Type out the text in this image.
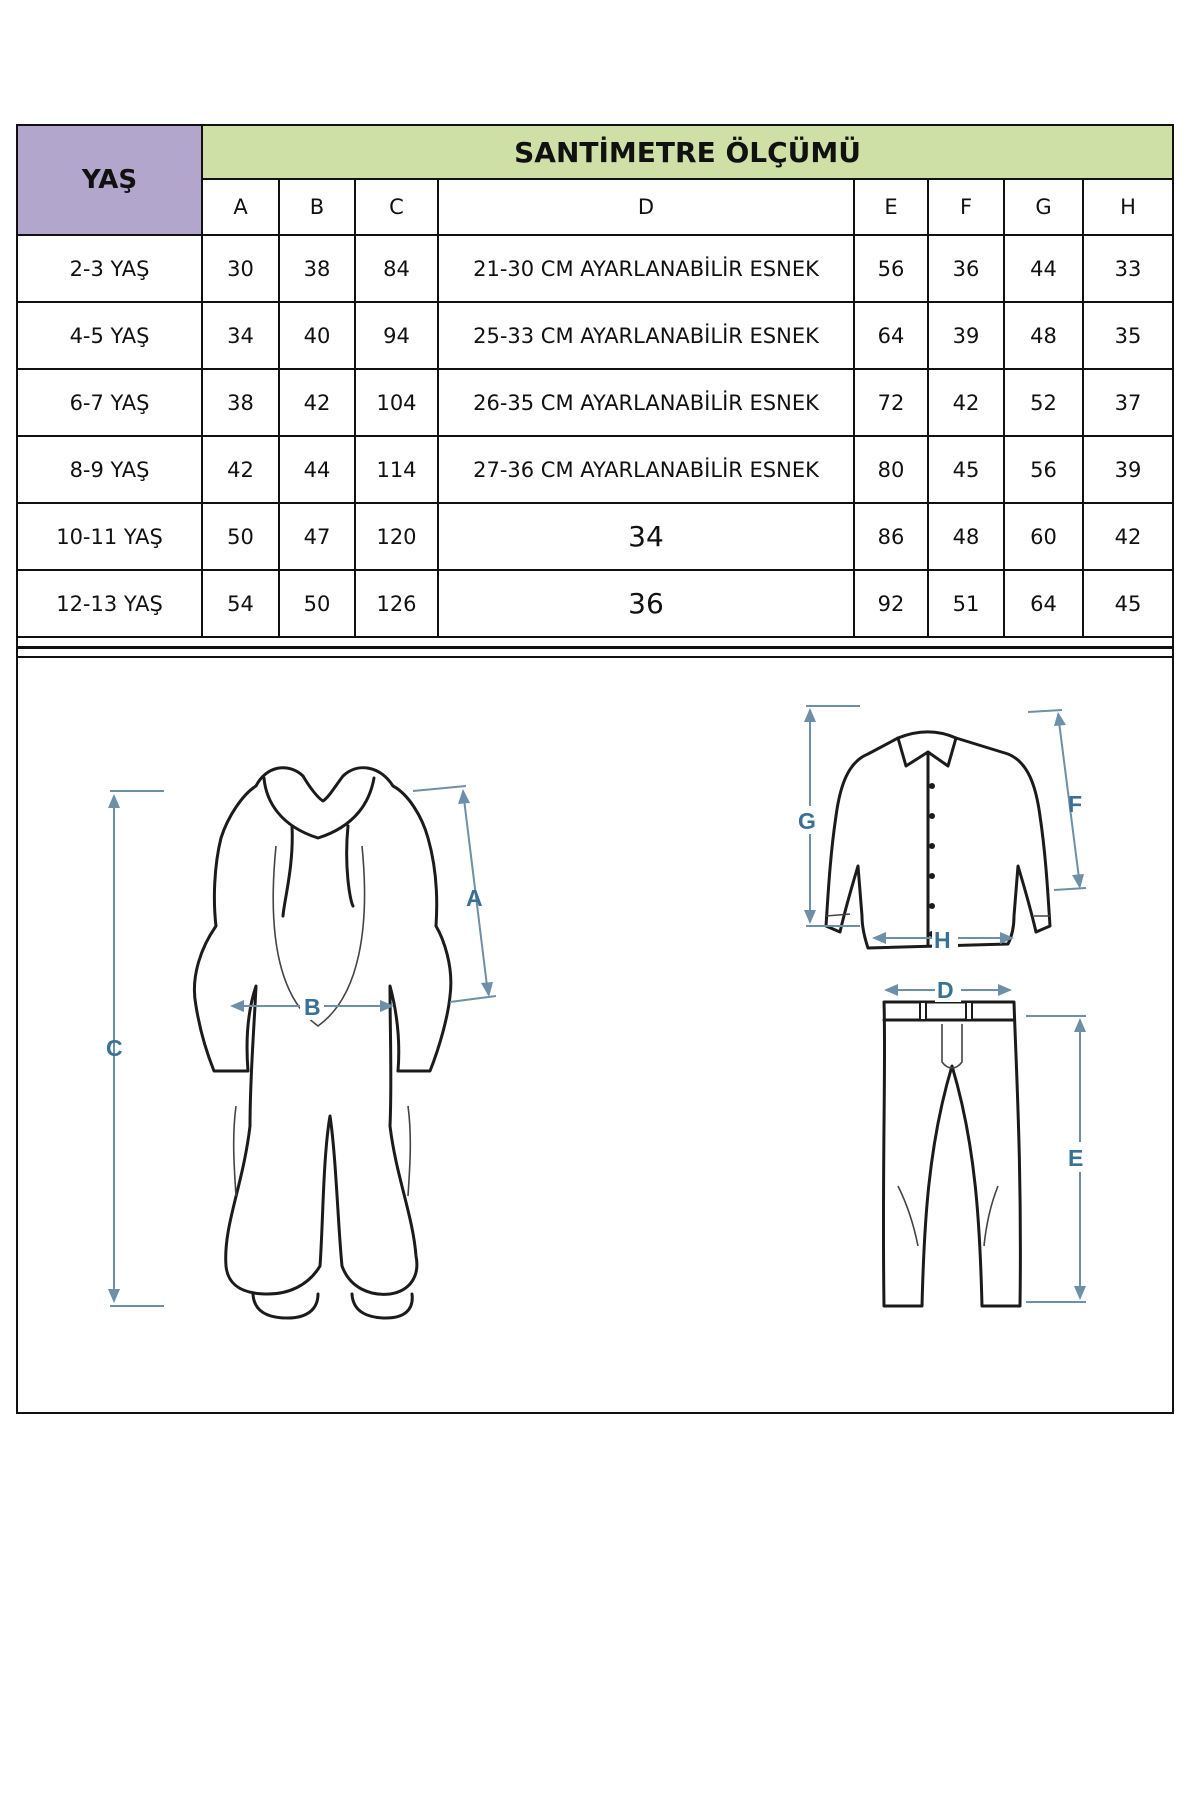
YAŞ	SANTİMETRE ÖLÇÜMÜ							
	A	B	C	D	E	F	G	H
2-3 YAŞ	30	38	84	21-30 CM AYARLANABİLİR ESNEK	56	36	44	33
4-5 YAŞ	34	40	94	25-33 CM AYARLANABİLİR ESNEK	64	39	48	35
6-7 YAŞ	38	42	104	26-35 CM AYARLANABİLİR ESNEK	72	42	52	37
8-9 YAŞ	42	44	114	27-36 CM AYARLANABİLİR ESNEK	80	45	56	39
10-11 YAŞ	50	47	120	34	86	48	60	42
12-13 YAŞ	54	50	126	36	92	51	64	45
C
A
B
G
F
H
D
E
